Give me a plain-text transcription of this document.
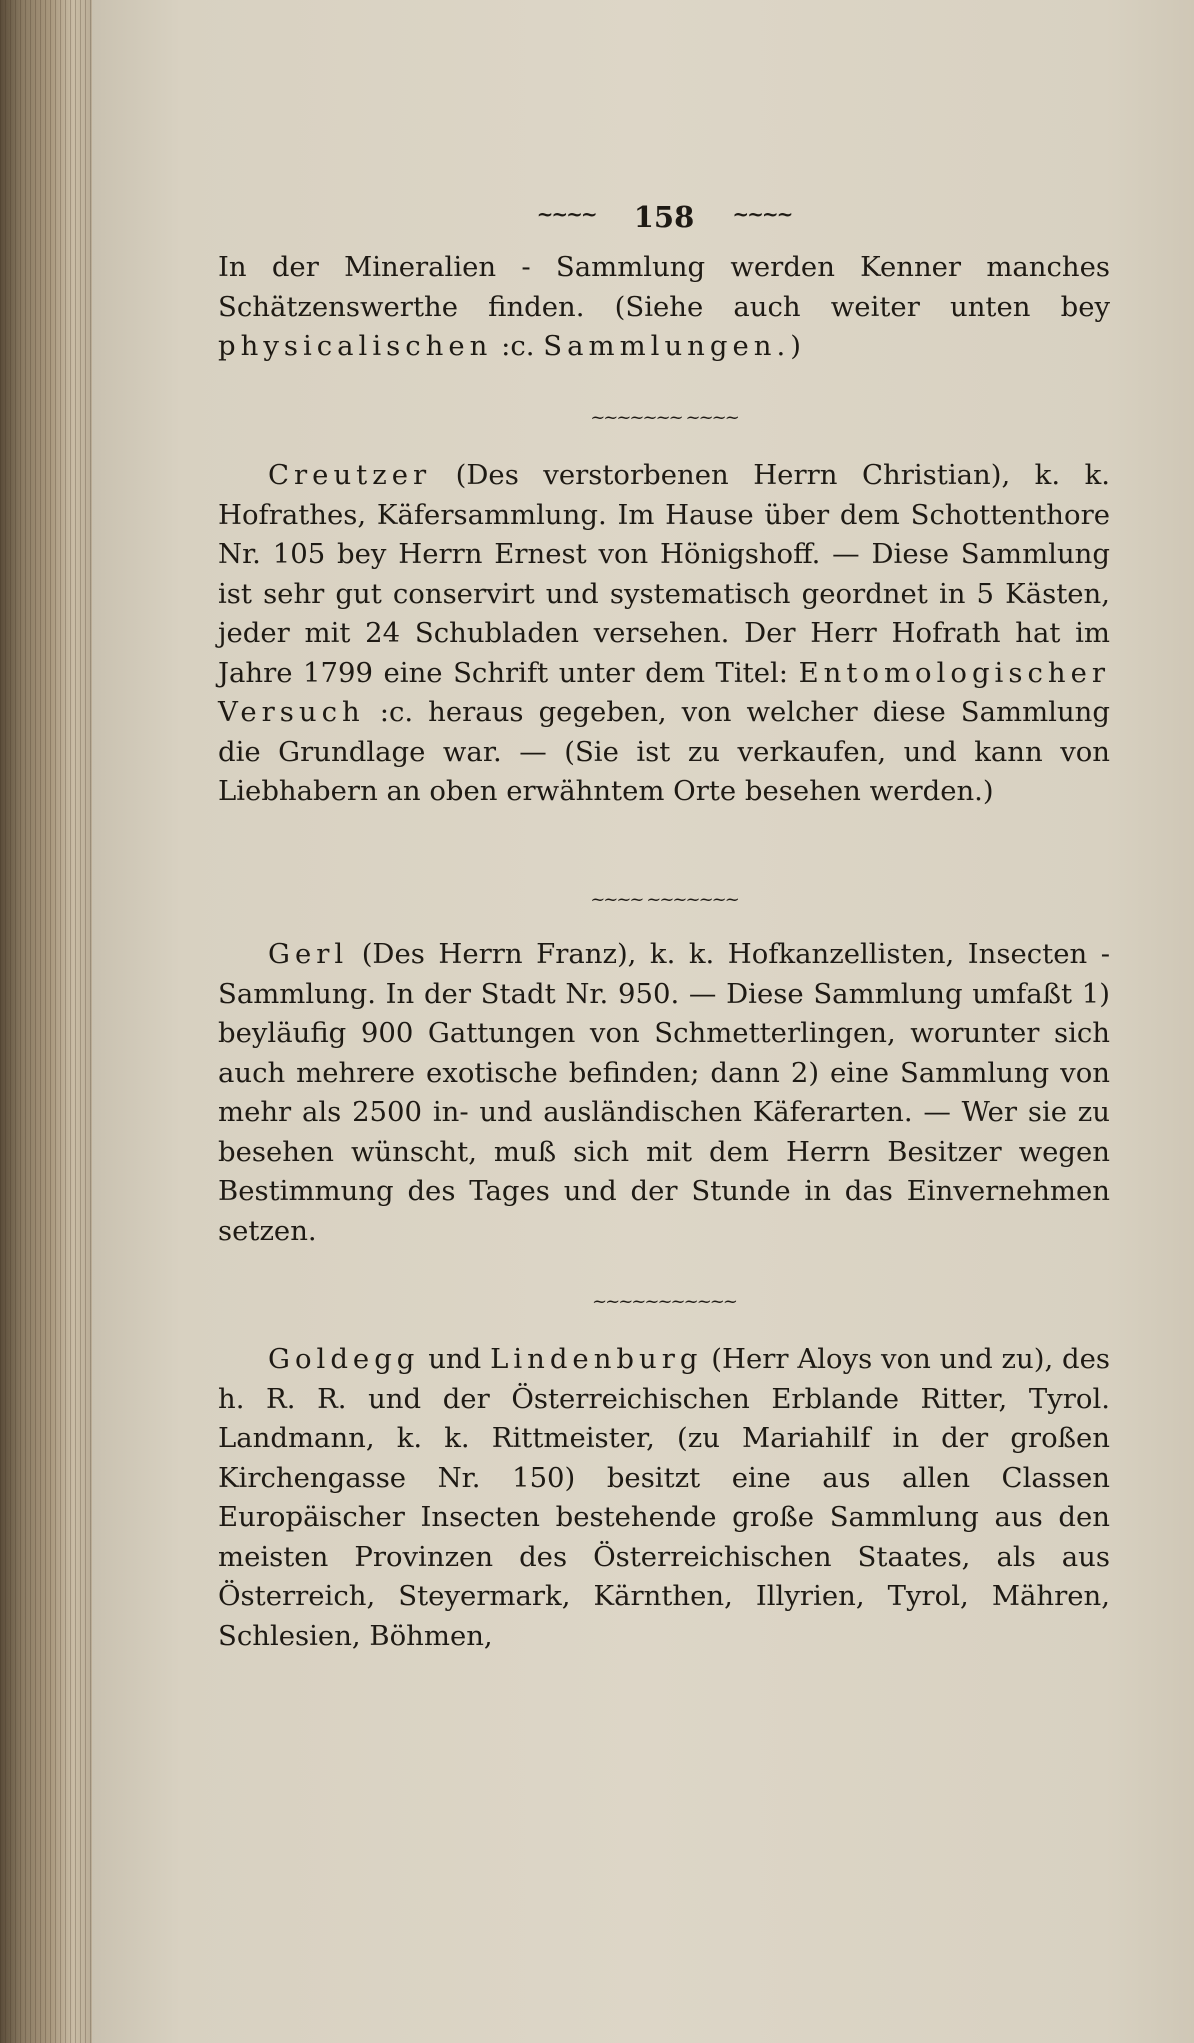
~~~~ 158 ~~~~

In der Mineralien - Sammlung werden Kenner manches Schätzenswerthe finden. (Siehe auch weiter unten bey physicalischen :c. Sammlungen.)

~~~~~~~ ~~~~

Creutzer (Des verstorbenen Herrn Christian), k. k. Hofrathes, Käfersammlung. Im Hause über dem Schottenthore Nr. 105 bey Herrn Ernest von Hönigshoff. — Diese Sammlung ist sehr gut conservirt und systematisch geordnet in 5 Kästen, jeder mit 24 Schubladen versehen. Der Herr Hofrath hat im Jahre 1799 eine Schrift unter dem Titel: Entomologischer Versuch :c. heraus gegeben, von welcher diese Sammlung die Grundlage war. — (Sie ist zu verkaufen, und kann von Liebhabern an oben erwähntem Orte besehen werden.)

~~~~ ~~~~~~~

Gerl (Des Herrn Franz), k. k. Hofkanzellisten, Insecten - Sammlung. In der Stadt Nr. 950. — Diese Sammlung umfaßt 1) beyläufig 900 Gattungen von Schmetterlingen, worunter sich auch mehrere exotische befinden; dann 2) eine Sammlung von mehr als 2500 in- und ausländischen Käferarten. — Wer sie zu besehen wünscht, muß sich mit dem Herrn Besitzer wegen Bestimmung des Tages und der Stunde in das Einvernehmen setzen.

~~~~~~~~~~~

Goldegg und Lindenburg (Herr Aloys von und zu), des h. R. R. und der Österreichischen Erblande Ritter, Tyrol. Landmann, k. k. Rittmeister, (zu Mariahilf in der großen Kirchengasse Nr. 150) besitzt eine aus allen Classen Europäischer Insecten bestehende große Sammlung aus den meisten Provinzen des Österreichischen Staates, als aus Österreich, Steyermark, Kärnthen, Illyrien, Tyrol, Mähren, Schlesien, Böhmen,
